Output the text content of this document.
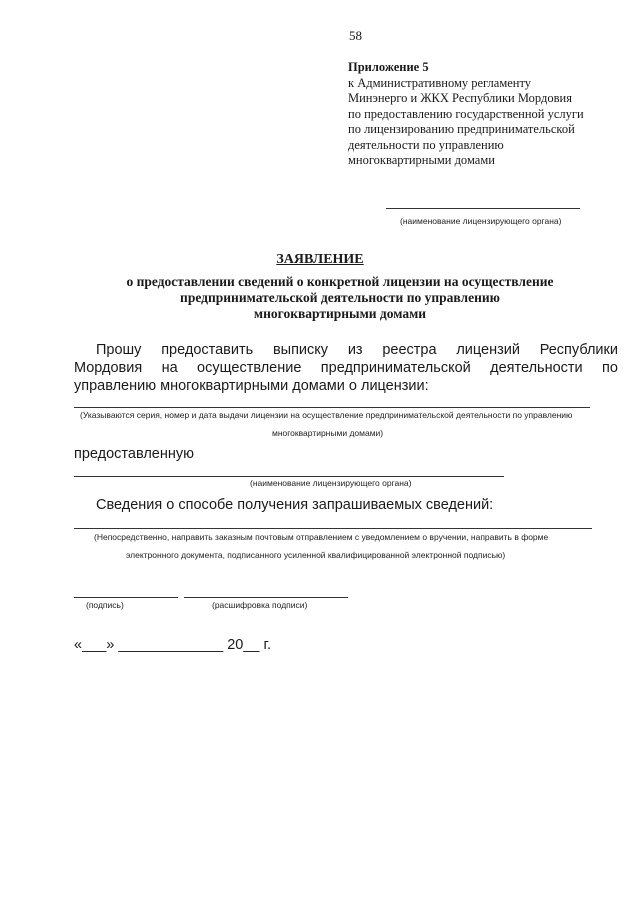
58
Приложение 5
к Административному регламенту
Минэнерго и ЖКХ Республики Мордовия
по предоставлению государственной услуги
по лицензированию предпринимательской
деятельности по управлению
многоквартирными домами
(наименование лицензирующего органа)
ЗАЯВЛЕНИЕ
о предоставлении сведений о конкретной лицензии на осуществление
предпринимательской деятельности по управлению
многоквартирными домами
Прошу предоставить выписку из реестра лицензий Республики
Мордовия на осуществление предпринимательской деятельности по
управлению многоквартирными домами о лицензии:
(Указываются серия, номер и дата выдачи лицензии на осуществление предпринимательской деятельности по управлению
многоквартирными домами)
предоставленную
(наименование лицензирующего органа)
Сведения о способе получения запрашиваемых сведений:
(Непосредственно, направить заказным почтовым отправлением с уведомлением о вручении, направить в форме
электронного документа, подписанного усиленной квалифицированной электронной подписью)
(подпись)	(расшифровка подписи)
«___» _____________ 20__ г.
